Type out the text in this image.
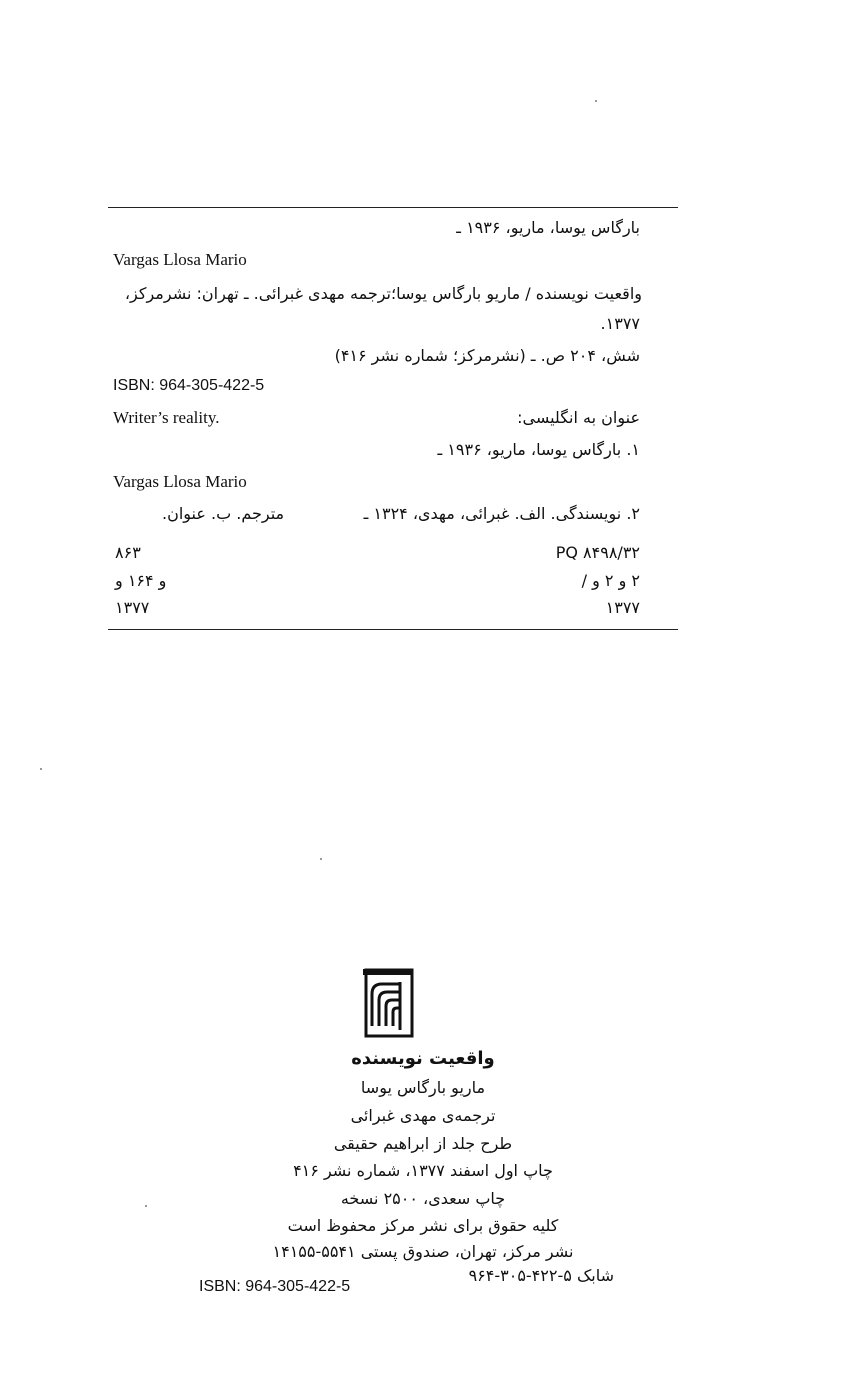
بارگاس یوسا، ماریو، ۱۹۳۶ ـ
Vargas Llosa Mario
واقعیت نویسنده / ماریو بارگاس یوسا؛ترجمه مهدی غبرائی. ـ تهران: نشرمرکز،
۱۳۷۷.
شش، ۲۰۴ ص. ـ (نشرمرکز؛ شماره نشر ۴۱۶)
ISBN: 964-305-422-5
عنوان به انگلیسی:
Writer’s reality.
۱. بارگاس یوسا، ماریو، ۱۹۳۶ ـ
Vargas Llosa Mario
۲. نویسندگی. الف. غبرائی، مهدی، ۱۳۲۴ ـ
مترجم. ب. عنوان.
۸۶۳
و ۱۶۴ و
۱۳۷۷
PQ ۸۴۹۸/۳۲
۲ و ۲ و /
۱۳۷۷
واقعیت نویسنده
ماریو بارگاس یوسا
ترجمه‌ی مهدی غبرائی
طرح جلد از ابراهیم حقیقی
چاپ اول اسفند ۱۳۷۷، شماره نشر ۴۱۶
چاپ سعدی، ۲۵۰۰ نسخه
کلیه حقوق برای نشر مرکز محفوظ است
نشر مرکز، تهران، صندوق پستی ۵۵۴۱-۱۴۱۵۵
شابک ۵-۴۲۲-۳۰۵-۹۶۴
ISBN: 964-305-422-5
